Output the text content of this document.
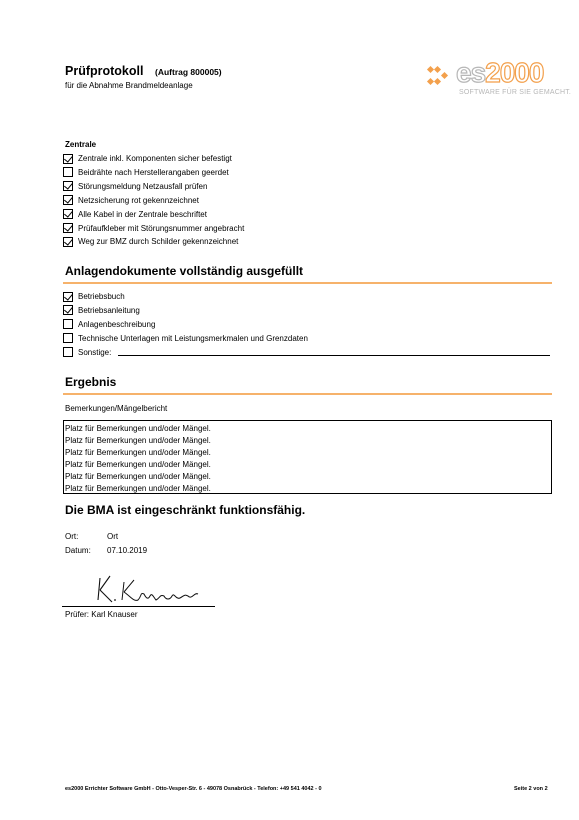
Prüfprotokoll (Auftrag 800005)
für die Abnahme Brandmeldeanlage	es2000
SOFTWARE FÜR SIE GEMACHT.
Zentrale
Zentrale inkl. Komponenten sicher befestigt
Beidrähte nach Herstellerangaben geerdet
Störungsmeldung Netzausfall prüfen
Netzsicherung rot gekennzeichnet
Alle Kabel in der Zentrale beschriftet
Prüfaufkleber mit Störungsnummer angebracht
Weg zur BMZ durch Schilder gekennzeichnet
Anlagendokumente vollständig ausgefüllt
Betriebsbuch
Betriebsanleitung
Anlagenbeschreibung
Technische Unterlagen mit Leistungsmerkmalen und Grenzdaten
Sonstige:
Ergebnis
Bemerkungen/Mängelbericht
Platz für Bemerkungen und/oder Mängel.
Platz für Bemerkungen und/oder Mängel.
Platz für Bemerkungen und/oder Mängel.
Platz für Bemerkungen und/oder Mängel.
Platz für Bemerkungen und/oder Mängel.
Platz für Bemerkungen und/oder Mängel.
Die BMA ist eingeschränkt funktionsfähig.
Ort:	Ort
Datum: 07.10.2019
Prüfer: Karl Knauser
es2000 Errichter Software GmbH - Otto-Vesper-Str. 6 - 49078 Osnabrück - Telefon: +49 541 4042 - 0	Seite 2 von 2
